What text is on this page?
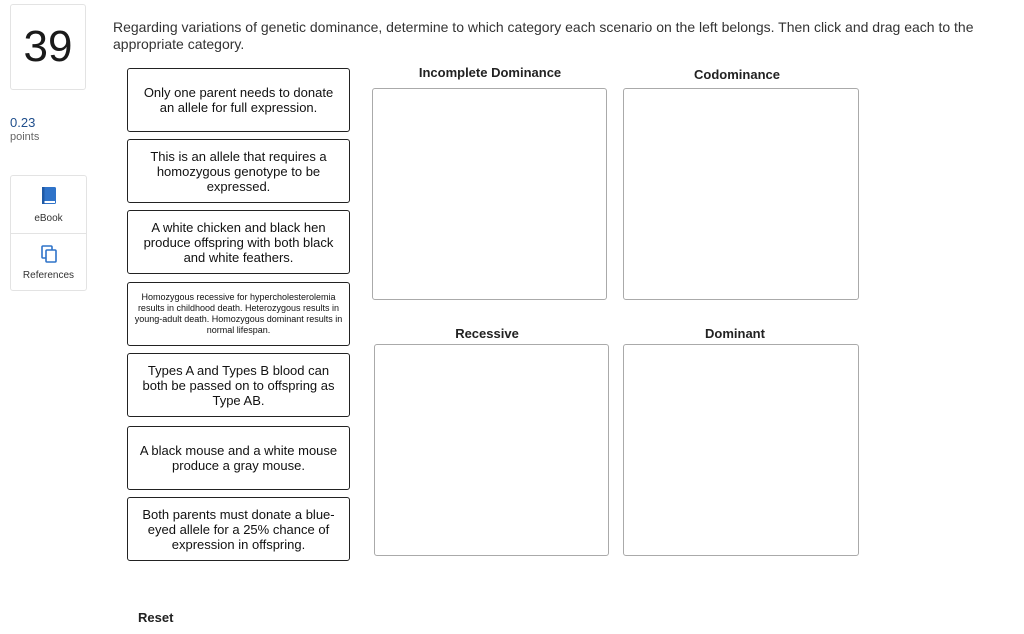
39
0.23
points
eBook
References
Regarding variations of genetic dominance, determine to which category each scenario on the left belongs. Then click and drag each to the appropriate category.
Only one parent needs to donate an allele for full expression.
This is an allele that requires a homozygous genotype to be expressed.
A white chicken and black hen produce offspring with both black and white feathers.
Homozygous recessive for hypercholesterolemia results in childhood death. Heterozygous results in young-adult death. Homozygous dominant results in normal lifespan.
Types A and Types B blood can both be passed on to offspring as Type AB.
A black mouse and a white mouse produce a gray mouse.
Both parents must donate a blue-eyed allele for a 25% chance of expression in offspring.
Incomplete Dominance	Codominance
Recessive	Dominant
Reset
